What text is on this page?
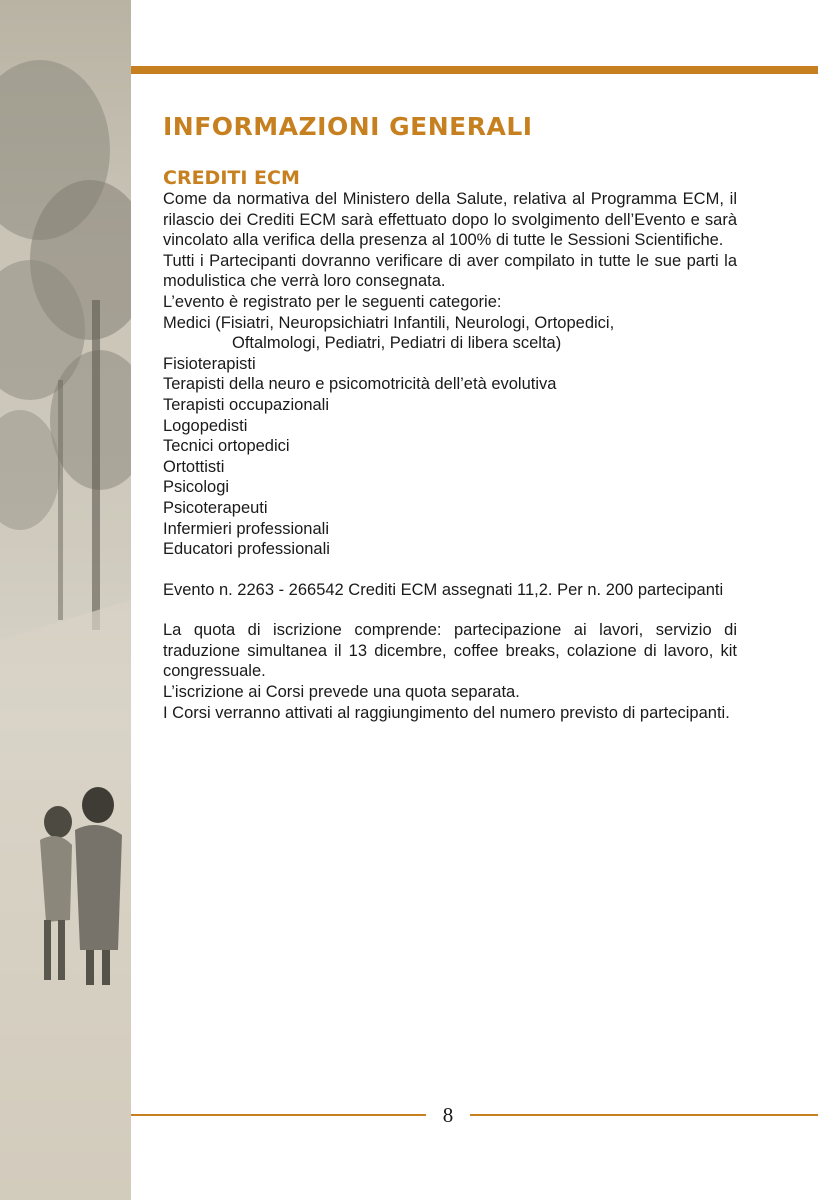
INFORMAZIONI GENERALI
CREDITI ECM

Come da normativa del Ministero della Salute, relativa al Programma ECM, il rilascio dei Crediti ECM sarà effettuato dopo lo svolgimento dell’Evento e sarà vincolato alla verifica della presenza al 100% di tutte le Sessioni Scientifiche.

Tutti i Partecipanti dovranno verificare di aver compilato in tutte le sue parti la modulistica che verrà loro consegnata.

L’evento è registrato per le seguenti categorie:

Medici (Fisiatri, Neuropsichiatri Infantili, Neurologi, Ortopedici,

Oftalmologi, Pediatri, Pediatri di libera scelta)

Fisioterapisti

Terapisti della neuro e psicomotricità dell’età evolutiva

Terapisti occupazionali

Logopedisti

Tecnici ortopedici

Ortottisti

Psicologi

Psicoterapeuti

Infermieri professionali

Educatori professionali

Evento n. 2263 - 266542 Crediti ECM assegnati 11,2. Per n. 200 partecipanti

La quota di iscrizione comprende: partecipazione ai lavori, servizio di traduzione simultanea il 13 dicembre, coffee breaks, colazione di lavoro, kit congressuale.

L’iscrizione ai Corsi prevede una quota separata.

I Corsi verranno attivati al raggiungimento del numero previsto di partecipanti.

8
